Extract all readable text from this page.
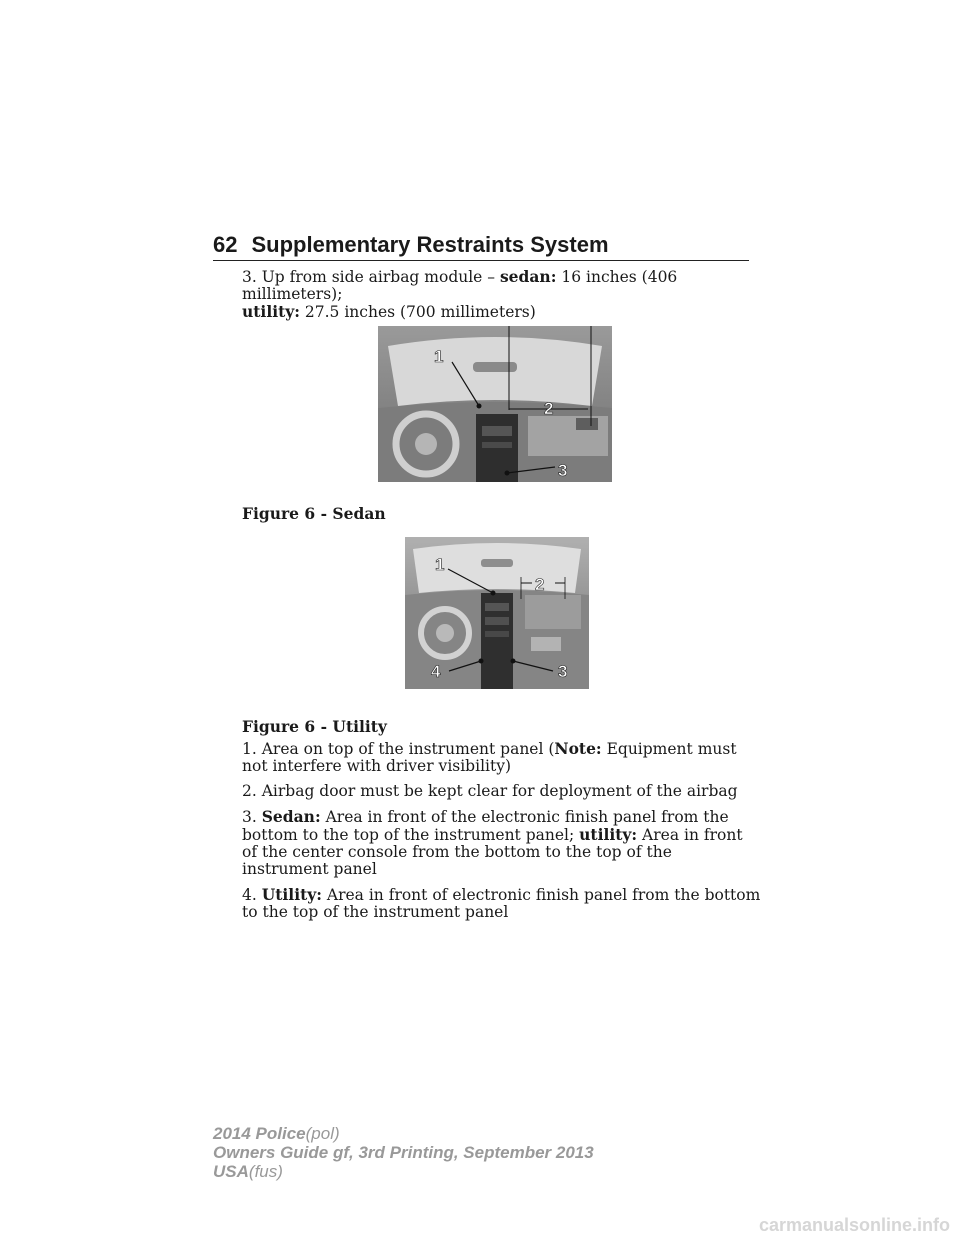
62 Supplementary Restraints System

3. Up from side airbag module – sedan: 16 inches (406 millimeters);
utility: 27.5 inches (700 millimeters)

1
2
3
Figure 6 - Sedan
1
2
3
4
Figure 6 - Utility

1. Area on top of the instrument panel (Note: Equipment must not interfere with driver visibility)

2. Airbag door must be kept clear for deployment of the airbag

3. Sedan: Area in front of the electronic finish panel from the bottom to the top of the instrument panel; utility: Area in front of the center console from the bottom to the top of the instrument panel

4. Utility: Area in front of electronic finish panel from the bottom to the top of the instrument panel

2014 Police(pol)
Owners Guide gf, 3rd Printing, September 2013
USA(fus)
carmanualsonline.info
